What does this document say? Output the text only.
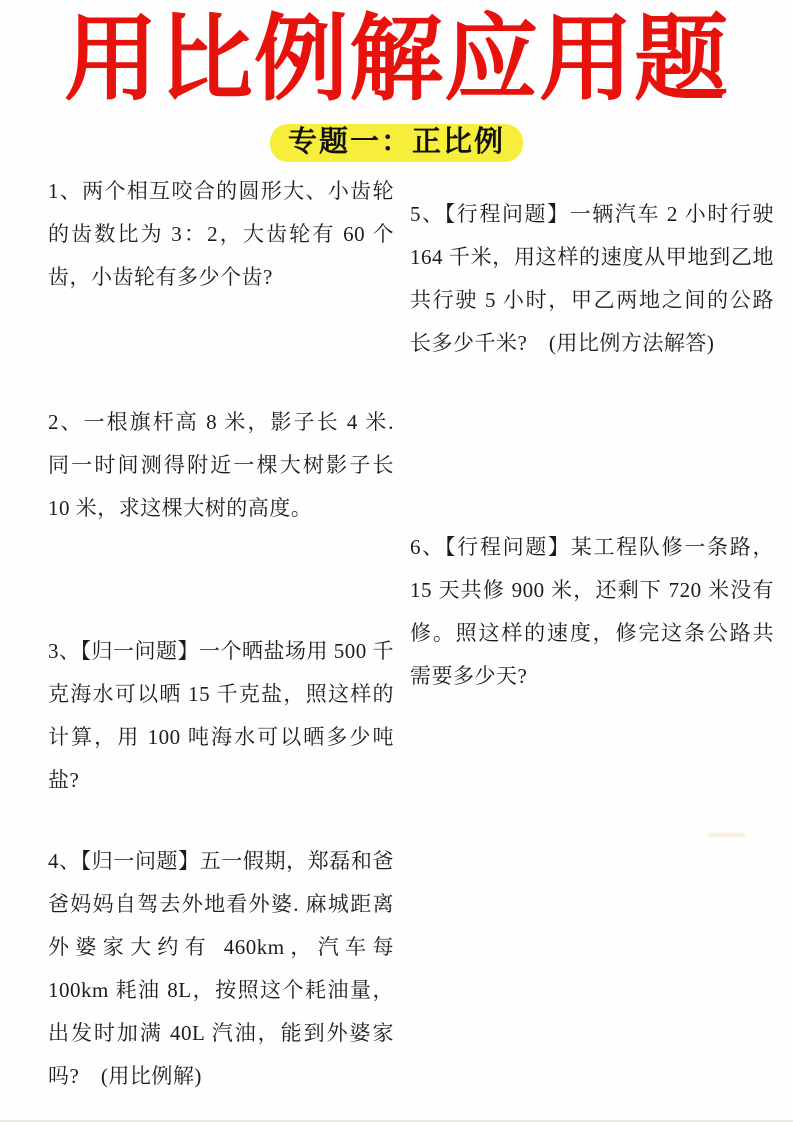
用比例解应用题
专题一：正比例

1、两个相互咬合的圆形大、小齿轮的齿数比为 3：2，大齿轮有 60 个齿，小齿轮有多少个齿?

2、一根旗杆高 8 米，影子长 4 米. 同一时间测得附近一棵大树影子长 10 米，求这棵大树的高度。

3、【归一问题】一个晒盐场用 500 千克海水可以晒 15 千克盐，照这样的计算，用 100 吨海水可以晒多少吨盐?

4、【归一问题】五一假期，郑磊和爸爸妈妈自驾去外地看外婆. 麻城距离外婆家大约有 460km，汽车每 100km 耗油 8L，按照这个耗油量，出发时加满 40L 汽油，能到外婆家吗?　(用比例解)

5、【行程问题】一辆汽车 2 小时行驶 164 千米，用这样的速度从甲地到乙地共行驶 5 小时，甲乙两地之间的公路长多少千米?　(用比例方法解答)

6、【行程问题】某工程队修一条路，15 天共修 900 米，还剩下 720 米没有修。照这样的速度，修完这条公路共需要多少天?
